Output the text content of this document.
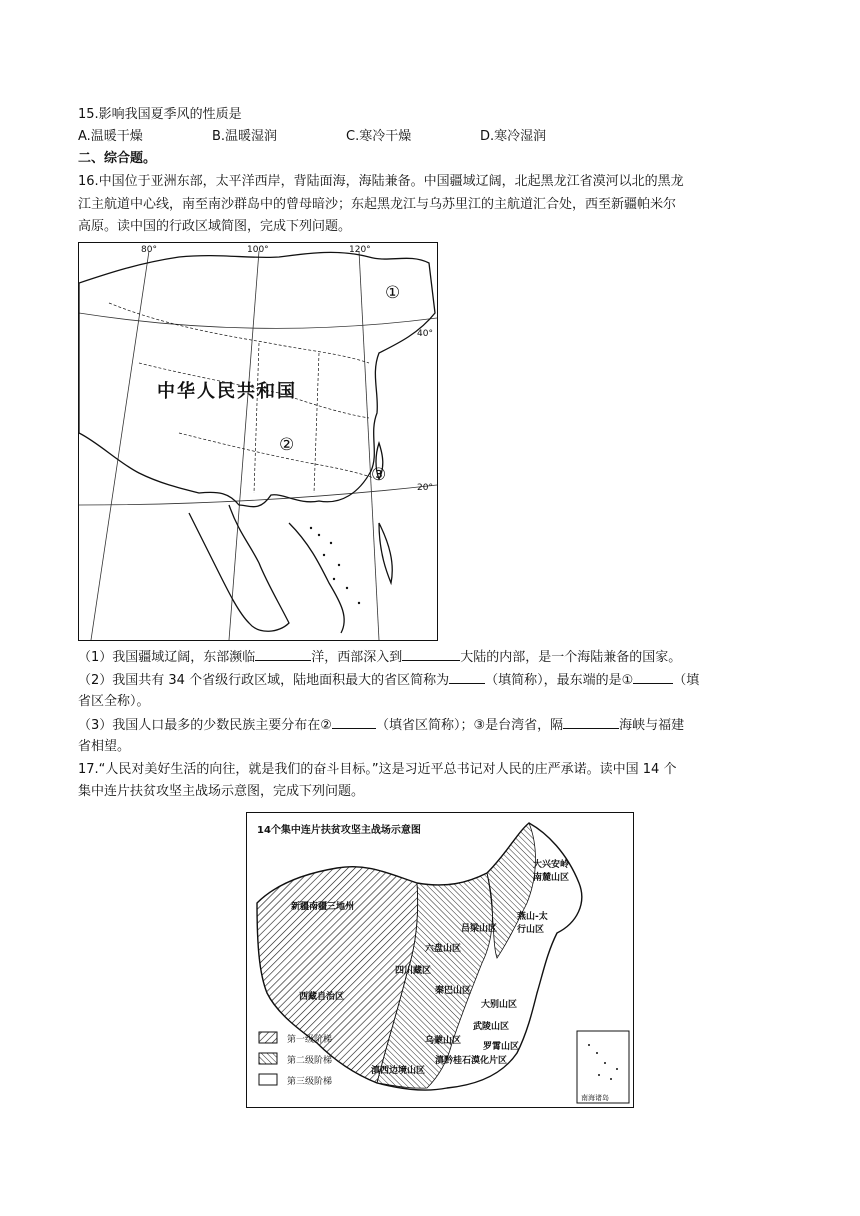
15.影响我国夏季风的性质是
A.温暖干燥	B.温暖湿润	C.寒冷干燥	D.寒冷湿润
二、综合题。
16.中国位于亚洲东部，太平洋西岸，背陆面海，海陆兼备。中国疆域辽阔，北起黑龙江省漠河以北的黑龙
江主航道中心线，南至南沙群岛中的曾母暗沙；东起黑龙江与乌苏里江的主航道汇合处，西至新疆帕米尔
高原。读中国的行政区域简图，完成下列问题。
80°	100°	120°
40°
20°
中华人民共和国
①
②
③
（1）我国疆域辽阔，东部濒临	洋，西部深入到	大陆的内部，是一个海陆兼备的国家。
（2）我国共有 34 个省级行政区域，陆地面积最大的省区简称为	（填简称），最东端的是①	（填
省区全称）。
（3）我国人口最多的少数民族主要分布在②	（填省区简称）；③是台湾省，隔	海峡与福建
省相望。
17.“人民对美好生活的向往，就是我们的奋斗目标。”这是习近平总书记对人民的庄严承诺。读中国 14 个
集中连片扶贫攻坚主战场示意图，完成下列问题。
14个集中连片扶贫攻坚主战场示意图
大兴安岭南麓山区
新疆南疆三地州
燕山-太行山区
吕梁山区
六盘山区
四川藏区
秦巴山区
西藏自治区
大别山区
武陵山区
乌蒙山区
罗霄山区
滇黔桂石漠化片区
滇西边境山区
第一级阶梯
第二级阶梯
第三级阶梯
南海诸岛
